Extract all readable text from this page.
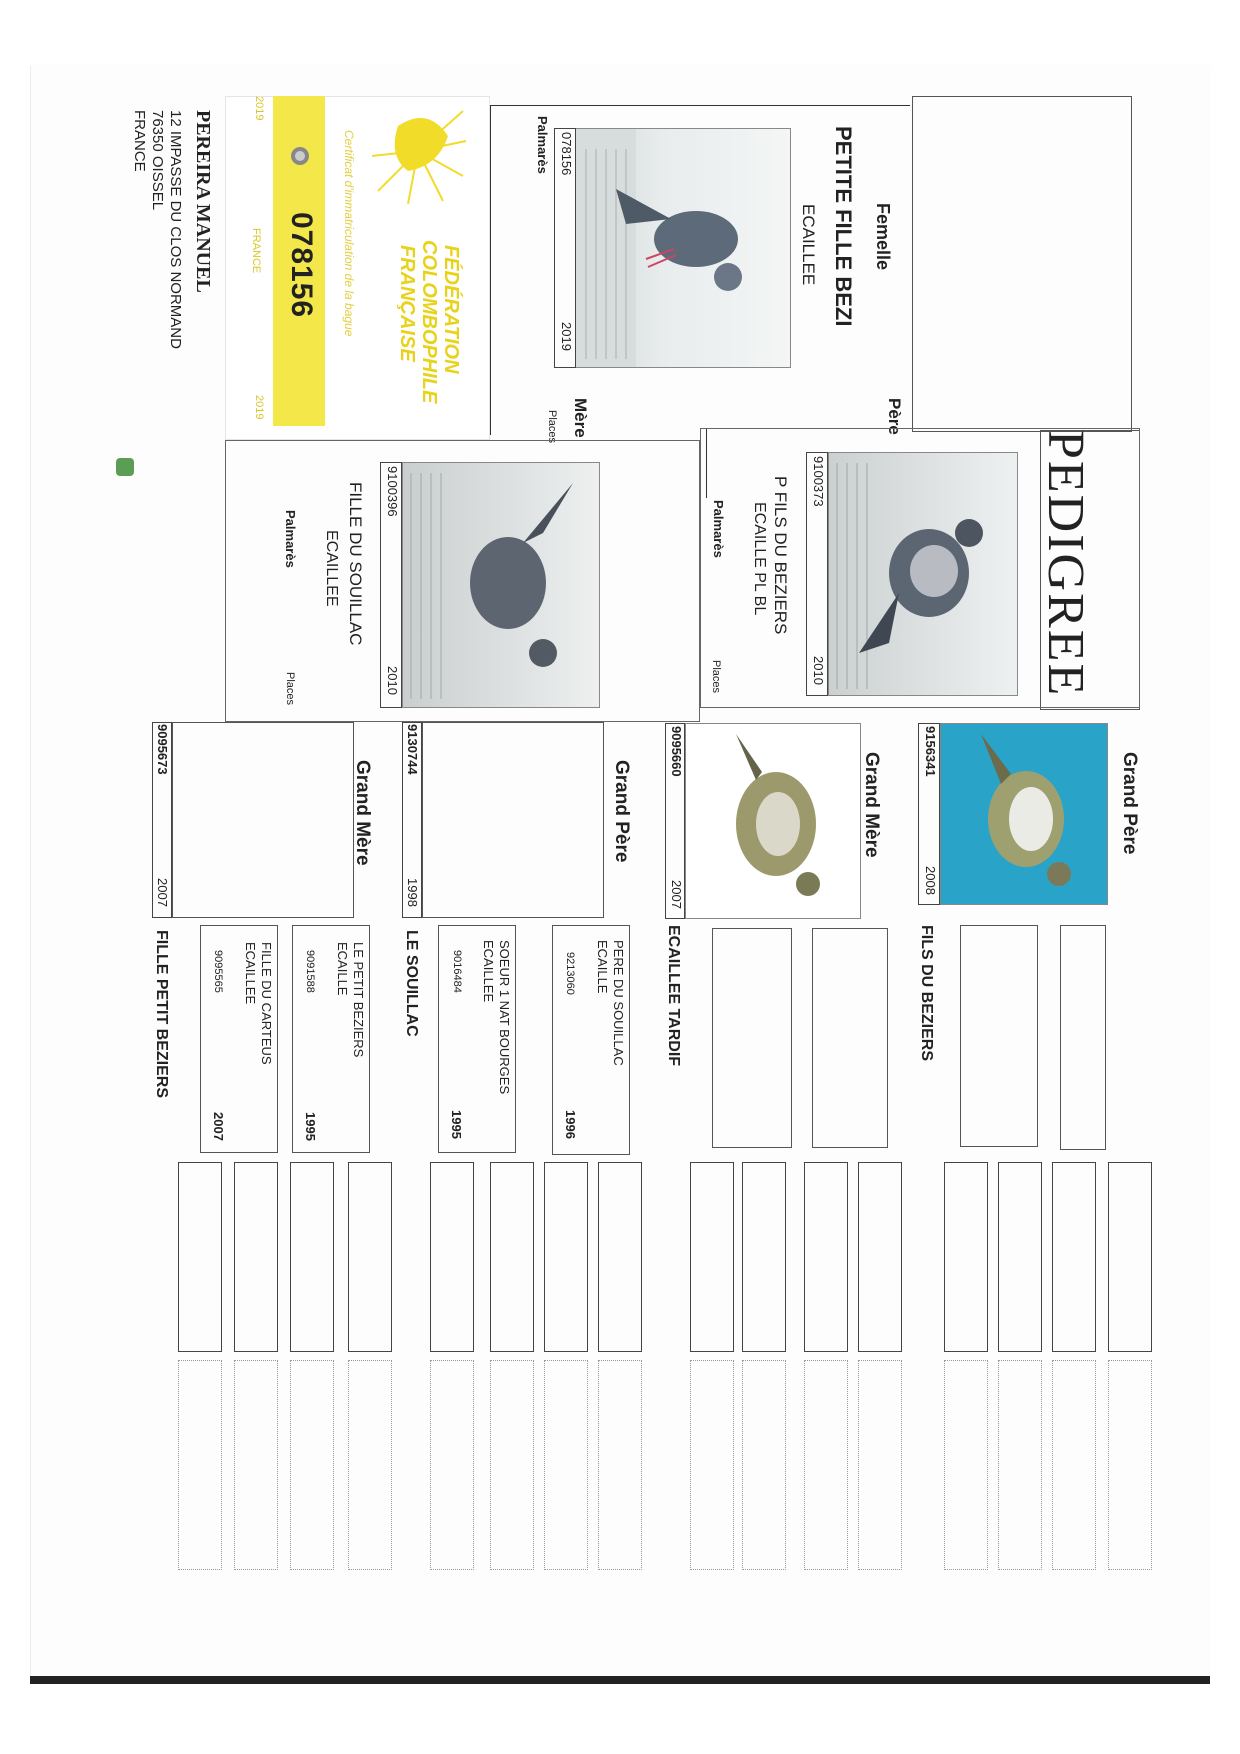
PEDIGREE
Femelle
PETITE FILLE BEZI
ECAILLEE
078156
2019
Palmarès
Père
9100373
2010
P FILS DU BEZIERS
ECAILLE PL BL
Palmarès
Places
Mère
Places
9100396
2010
FILLE DU SOUILLAC
ECAILLEE
Palmarès
Places
FÉDÉRATION
COLOMBOPHILE
FRANÇAISE
Certificat d'immatriculation de la bague
2019
2019
078156
FRANCE
PEREIRA MANUEL
12 IMPASSE DU CLOS NORMAND
76350 OISSEL
FRANCE
Grand Père
9156341
2008
FILS DU BEZIERS
Grand Mère
9095660
2007
ECAILLEE TARDIF
Grand Père
9130744
1998
LE SOUILLAC
Grand Mère
9095673
2007
FILLE PETIT BEZIERS	PERE DU SOUILLAC
ECAILLE
9213060
1996
SOEUR 1 NAT BOURGES
ECAILLEE
9016484
1995
LE PETIT BEZIERS
ECAILLE
9091588
1995
FILLE DU CARTEUS
ECAILLEE
9095565
2007
